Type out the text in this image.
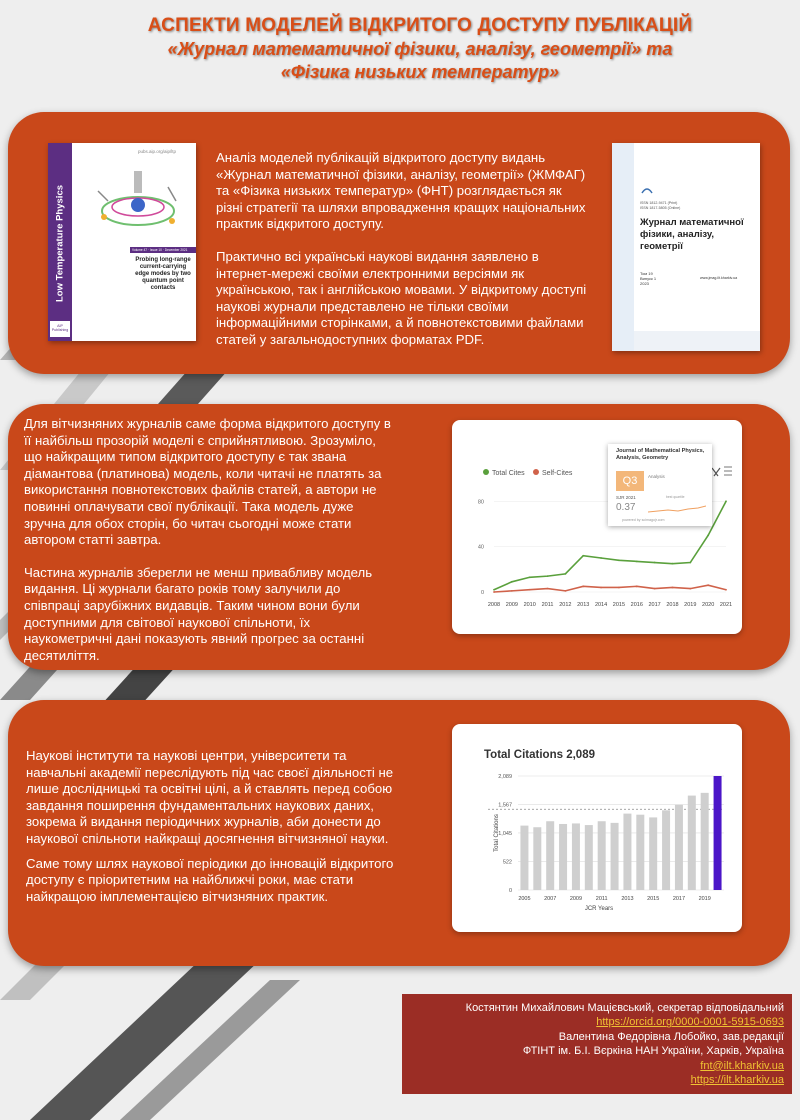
АСПЕКТИ МОДЕЛЕЙ ВІДКРИТОГО ДОСТУПУ ПУБЛІКАЦІЙ
«Журнал математичної фізики, аналізу, геометрії» та
«Фізика низьких температур»
Low Temperature Physics
AIP Publishing
pubs.aip.org/aip/ltp
Volume 47 · Issue 10 · December 2021
Probing long-range current-carrying edge modes by two quantum point contacts

Аналіз моделей публікацій відкритого доступу видань «Журнал математичної фізики, аналізу, геометрії» (ЖМФАГ) та «Фізика низьких температур» (ФНТ) розглядається як різні стратегії та шляхи впровадження кращих національних практик відкритого доступу.

Практично всі українські наукові видання заявлено в інтернет-мережі своїми електронними версіями як українською, так і англійською мовами. У відкритому доступі наукові журнали представлено не тільки своїми інформаційними сторінками, а й повнотекстовими файлами статей у загальнодоступних форматах PDF.

ISSN 1812-9471 (Print)
ISSN 1817-5805 (Online)
Журнал математичної фізики, аналізу, геометрії
Том 19
Випуск 1
2023
www.jmag.ilt.kharkiv.ua

Для вітчизняних журналів саме форма відкритого доступу в її найбільш прозорій моделі є сприйнятливою. Зрозуміло, що найкращим типом відкритого доступу є так звана діамантова (платинова) модель, коли читачі не платять за використання повнотекстових файлів статей, а автори не повинні оплачувати свої публікації. Така модель дуже зручна для обох сторін, бо читач сьогодні може стати автором статті завтра.

Частина журналів зберегли не менш привабливу модель видання. Ці журнали багато років тому залучили до співпраці зарубіжних видавців. Таким чином вони були доступними для світової наукової спільноти, їх наукометричні дані показують явний прогрес за останні десятиліття.

Total Cites Self-Cites
0
40
80
2008 2009 2010 2011 2012 2013 2014 2015 2016 2017 2018 2019 2020 2021
Journal of Mathematical Physics, Analysis, Geometry
Q3	Analysis
best quartile
SJR 2021
0.37
powered by scimagojr.com

Наукові інститути та наукові центри, університети та навчальні академії переслідують під час своєї діяльності не лише дослідницькі та освітні цілі, а й ставлять перед собою завдання поширення фундаментальних наукових даних, зокрема й видання періодичних журналів, аби донести до наукової спільноти найкращі досягнення вітчизняної науки.

Саме тому шлях наукової періодики до інновацій відкритого доступу є пріоритетним на найближчі роки, має стати найкращою імплементацією вітчизняних практик.

Total Citations 2,089
0
522
1,045
1,567
2,089
2005 2007 2009 2011 2013 2015 2017 2019
JCR Years
Total Citations
Костянтин Михайлович Мацієвський, секретар відповідальний
https://orcid.org/0000-0001-5915-0693
Валентина Федорівна Лобойко, зав.редакції
ФТІНТ ім. Б.І. Вєркіна НАН України, Харків, Україна
fnt@ilt.kharkiv.ua
https://ilt.kharkiv.ua
